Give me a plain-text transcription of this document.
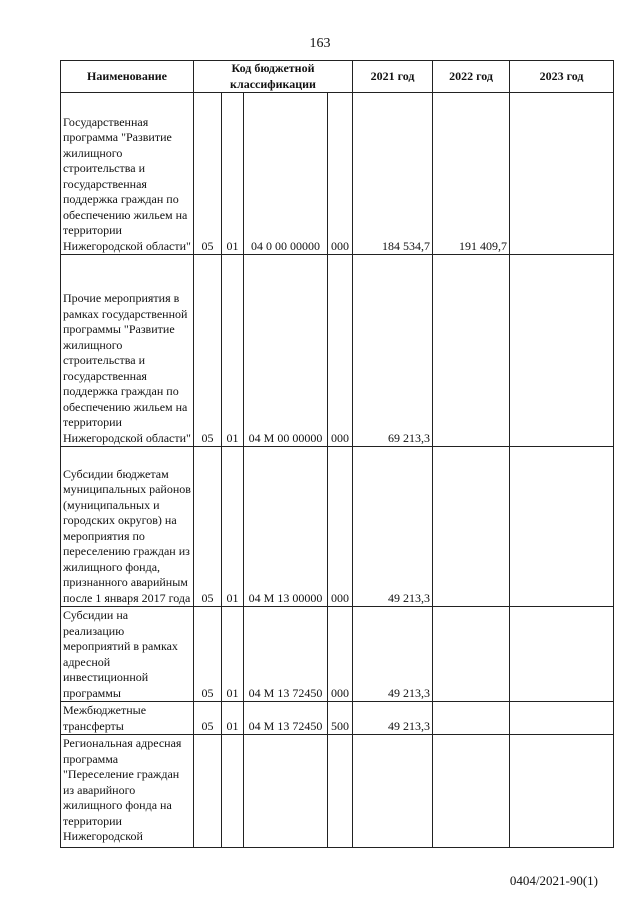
163
Наименование	Код бюджетной классификации				2021 год	2022 год	2023 год
Государственная программа "Развитие жилищного строительства и государственная поддержка граждан по обеспечению жильем на территории Нижегородской области"	05	01	04 0 00 00000	000	184 534,7	191 409,7	
Прочие мероприятия в рамках государственной программы "Развитие жилищного строительства и государственная поддержка граждан по обеспечению жильем на территории Нижегородской области"	05	01	04 М 00 00000	000	69 213,3		
Субсидии бюджетам муниципальных районов (муниципальных и городских округов) на мероприятия по переселению граждан из жилищного фонда, признанного аварийным после 1 января 2017 года	05	01	04 М 13 00000	000	49 213,3		
Субсидии на реализацию мероприятий в рамках адресной инвестиционной программы	05	01	04 М 13 72450	000	49 213,3		
Межбюджетные трансферты	05	01	04 М 13 72450	500	49 213,3		
Региональная адресная программа "Переселение граждан из аварийного жилищного фонда на территории Нижегородской							
0404/2021-90(1)
